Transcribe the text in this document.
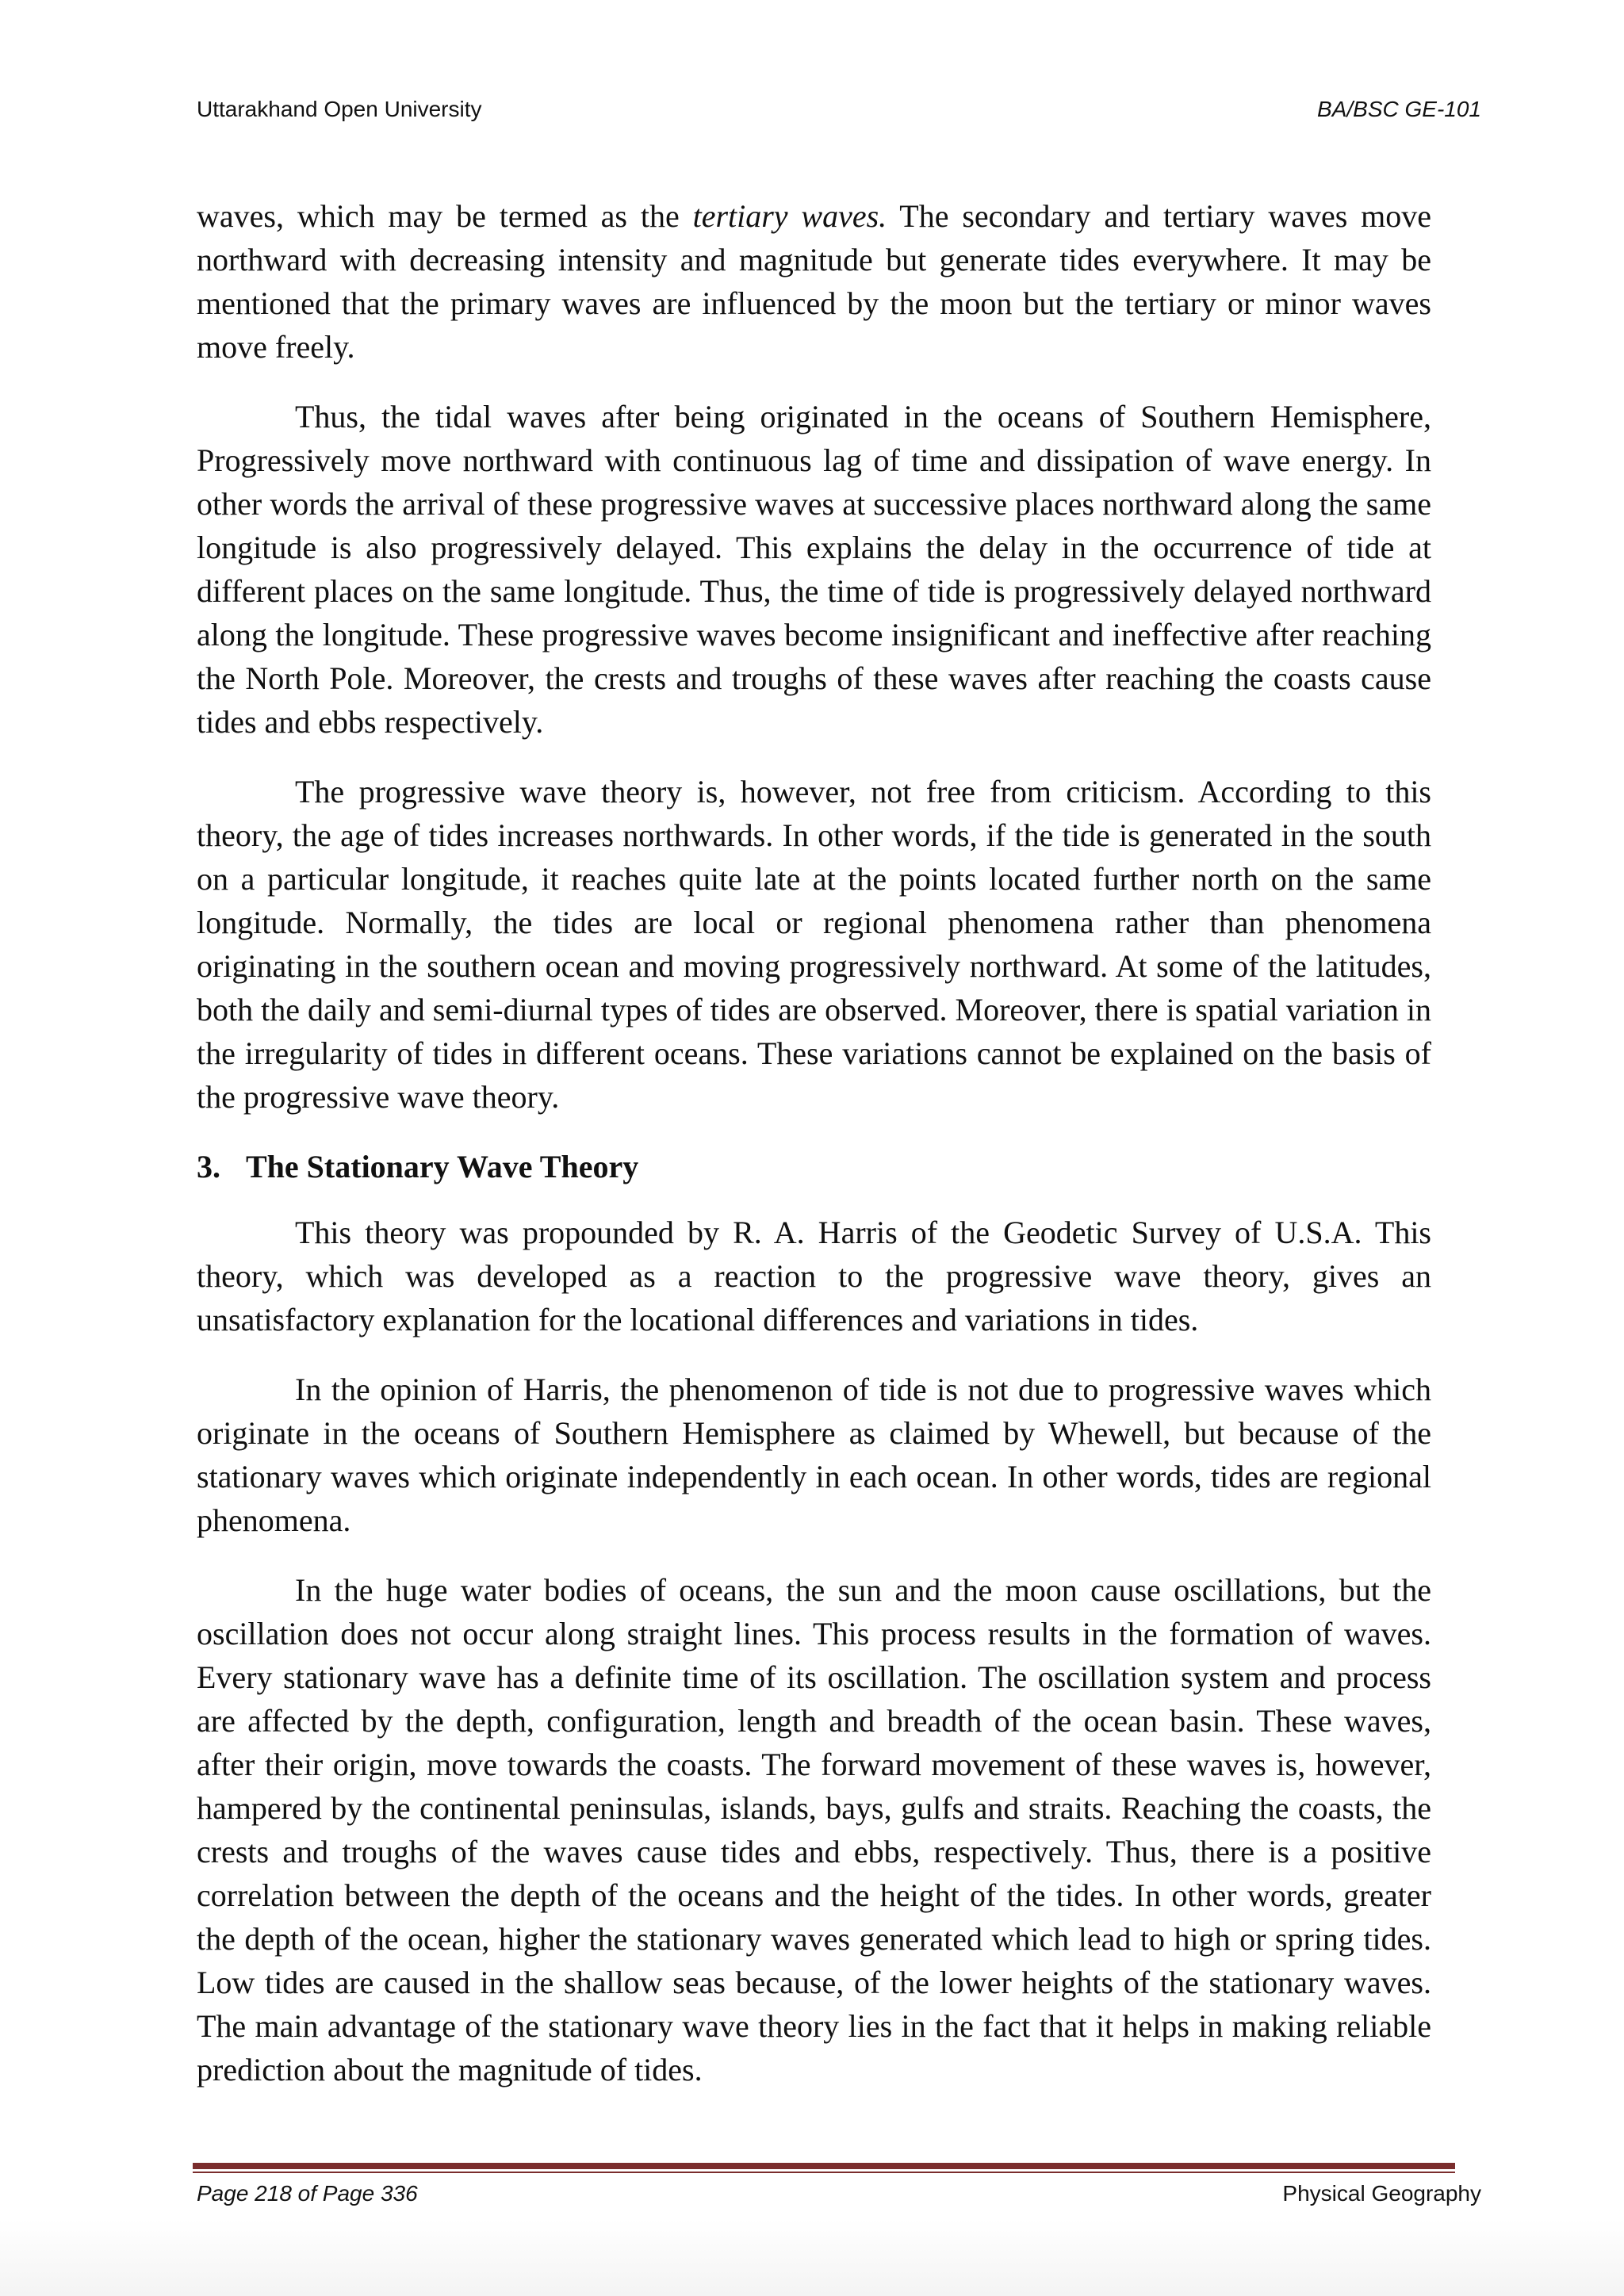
Uttarakhand Open University	BA/BSC GE-101

waves, which may be termed as the tertiary waves. The secondary and tertiary waves move northward with decreasing intensity and magnitude but generate tides everywhere. It may be mentioned that the primary waves are influenced by the moon but the tertiary or minor waves move freely.

Thus, the tidal waves after being originated in the oceans of Southern Hemisphere, Progressively move northward with continuous lag of time and dissipation of wave energy. In other words the arrival of these progressive waves at successive places northward along the same longitude is also progressively delayed. This explains the delay in the occurrence of tide at different places on the same longitude. Thus, the time of tide is progressively delayed northward along the longitude. These progressive waves become insignificant and ineffective after reaching the North Pole. Moreover, the crests and troughs of these waves after reaching the coasts cause tides and ebbs respectively.

The progressive wave theory is, however, not free from criticism. According to this theory, the age of tides increases northwards. In other words, if the tide is generated in the south on a particular longitude, it reaches quite late at the points located further north on the same longitude. Normally, the tides are local or regional phenomena rather than phenomena originating in the southern ocean and moving progressively northward. At some of the latitudes, both the daily and semi-diurnal types of tides are observed. Moreover, there is spatial variation in the irregularity of tides in different oceans. These variations cannot be explained on the basis of the progressive wave theory.

3. The Stationary Wave Theory

This theory was propounded by R. A. Harris of the Geodetic Survey of U.S.A. This theory, which was developed as a reaction to the progressive wave theory, gives an unsatisfactory explanation for the locational differences and variations in tides.

In the opinion of Harris, the phenomenon of tide is not due to progressive waves which originate in the oceans of Southern Hemisphere as claimed by Whewell, but because of the stationary waves which originate independently in each ocean. In other words, tides are regional phenomena.

In the huge water bodies of oceans, the sun and the moon cause oscillations, but the oscillation does not occur along straight lines. This process results in the formation of waves. Every stationary wave has a definite time of its oscillation. The oscillation system and process are affected by the depth, configuration, length and breadth of the ocean basin. These waves, after their origin, move towards the coasts. The forward movement of these waves is, however, hampered by the continental peninsulas, islands, bays, gulfs and straits. Reaching the coasts, the crests and troughs of the waves cause tides and ebbs, respectively. Thus, there is a positive correlation between the depth of the oceans and the height of the tides. In other words, greater the depth of the ocean, higher the stationary waves generated which lead to high or spring tides. Low tides are caused in the shallow seas because, of the lower heights of the stationary waves. The main advantage of the stationary wave theory lies in the fact that it helps in making reliable prediction about the magnitude of tides.

Page 218 of Page 336	Physical Geography
